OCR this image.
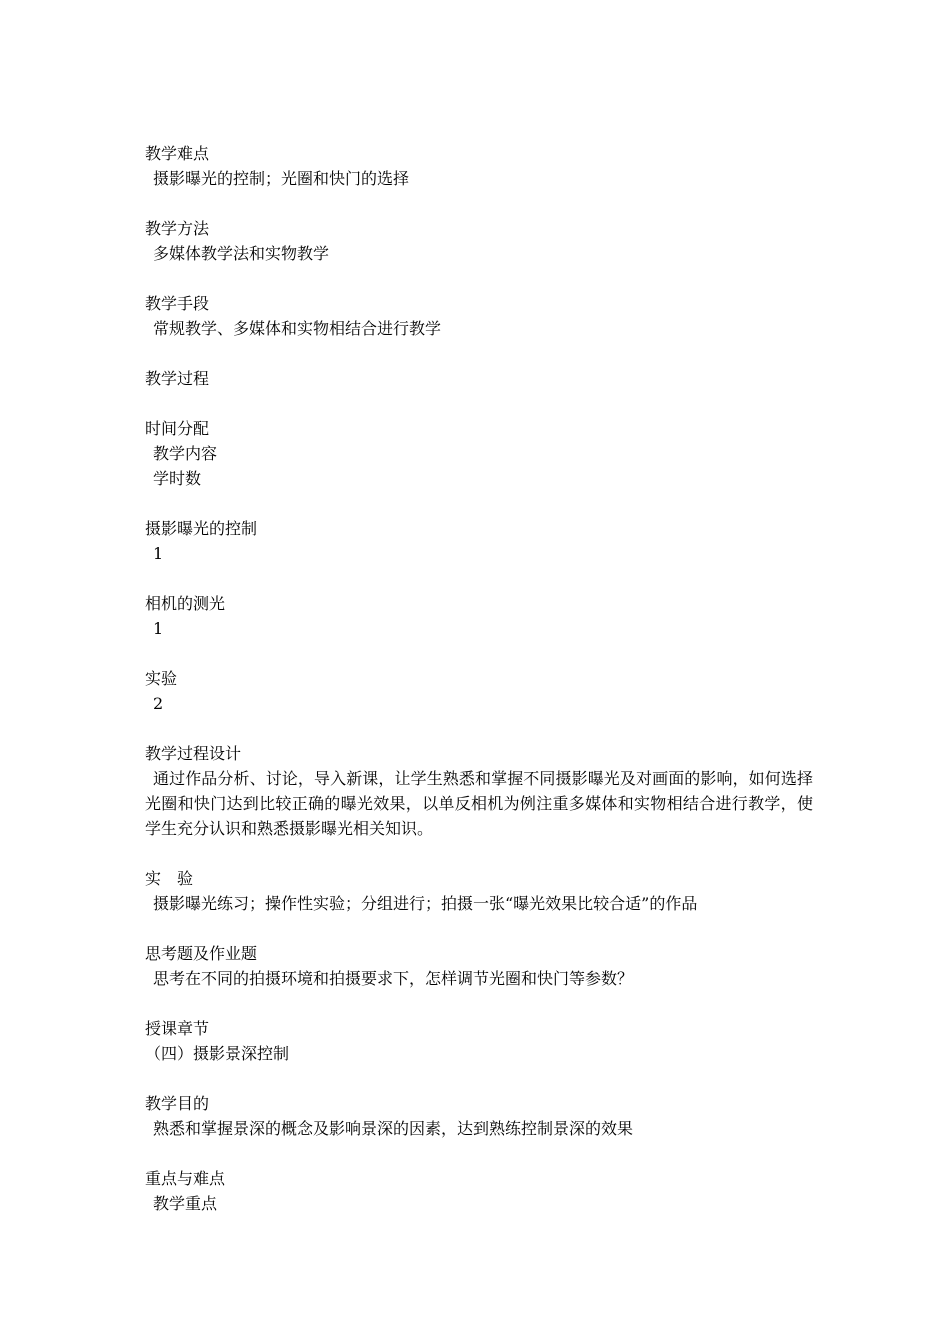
教学难点
摄影曝光的控制；光圈和快门的选择
教学方法
多媒体教学法和实物教学
教学手段
常规教学、多媒体和实物相结合进行教学
教学过程
时间分配
教学内容
学时数
摄影曝光的控制
1
相机的测光
1
实验
2
教学过程设计
通过作品分析、讨论，导入新课，让学生熟悉和掌握不同摄影曝光及对画面的影响，如何选择光圈和快门达到比较正确的曝光效果，以单反相机为例注重多媒体和实物相结合进行教学，使学生充分认识和熟悉摄影曝光相关知识。
实　验
摄影曝光练习；操作性实验；分组进行；拍摄一张“曝光效果比较合适”的作品
思考题及作业题
思考在不同的拍摄环境和拍摄要求下，怎样调节光圈和快门等参数？
授课章节
（四）摄影景深控制
教学目的
熟悉和掌握景深的概念及影响景深的因素，达到熟练控制景深的效果
重点与难点
教学重点
